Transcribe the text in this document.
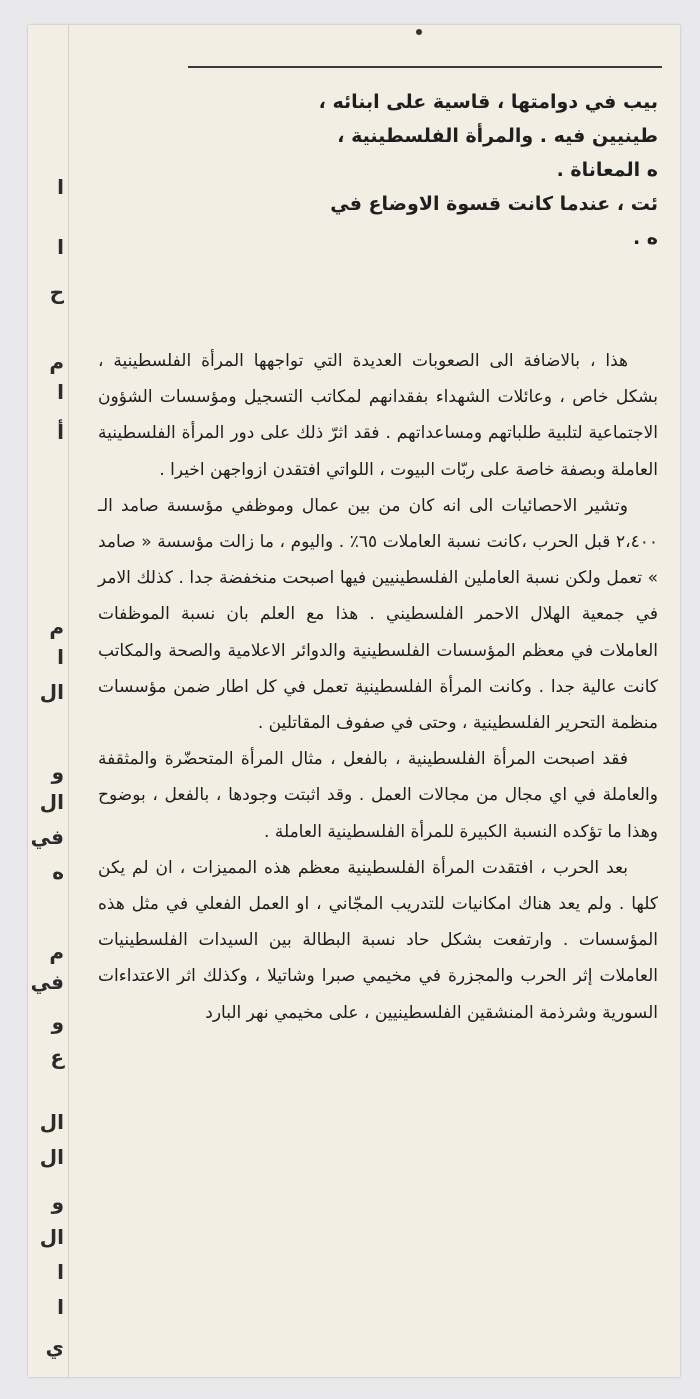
ا
ا
ح
م
ا
أ
م
ا
ال
و
ال
في
ه
م
في
و
ع
ال
ال
و
ال
ا
ا
ي
بيب في دوامتها ، قاسية على ابنائه ،
طينيين فيه . والمرأة الفلسطينية ،
ه المعاناة .
ئت ، عندما كانت قسوة الاوضاع في
ه .

هذا ، بالاضافة الى الصعوبات العديدة التي تواجهها المرأة الفلسطينية ، بشكل خاص ، وعائلات الشهداء بفقدانهم لمكاتب التسجيل ومؤسسات الشؤون الاجتماعية لتلبية طلباتهم ومساعداتهم . فقد اثرّ ذلك على دور المرأة الفلسطينية العاملة وبصفة خاصة على ربّات البيوت ، اللواتي افتقدن ازواجهن اخيرا .

وتشير الاحصائيات الى انه كان من بين عمال وموظفي مؤسسة صامد الـ ٢،٤٠٠ قبل الحرب ،كانت نسبة العاملات ٦٥٪ . واليوم ، ما زالت مؤسسة « صامد » تعمل ولكن نسبة العاملين الفلسطينيين فيها اصبحت منخفضة جدا . كذلك الامر في جمعية الهلال الاحمر الفلسطيني . هذا مع العلم بان نسبة الموظفات العاملات في معظم المؤسسات الفلسطينية والدوائر الاعلامية والصحة والمكاتب كانت عالية جدا . وكانت المرأة الفلسطينية تعمل في كل اطار ضمن مؤسسات منظمة التحرير الفلسطينية ، وحتى في صفوف المقاتلين .

فقد اصبحت المرأة الفلسطينية ، بالفعل ، مثال المرأة المتحضّرة والمثقفة والعاملة في اي مجال من مجالات العمل . وقد اثبتت وجودها ، بالفعل ، بوضوح وهذا ما تؤكده النسبة الكبيرة للمرأة الفلسطينية العاملة .

بعد الحرب ، افتقدت المرأة الفلسطينية معظم هذه المميزات ، ان لم يكن كلها . ولم يعد هناك امكانيات للتدريب المجّاني ، او العمل الفعلي في مثل هذه المؤسسات . وارتفعت بشكل حاد نسبة البطالة بين السيدات الفلسطينيات العاملات إثر الحرب والمجزرة في مخيمي صبرا وشاتيلا ، وكذلك اثر الاعتداءات السورية وشرذمة المنشقين الفلسطينيين ، على مخيمي نهر البارد
